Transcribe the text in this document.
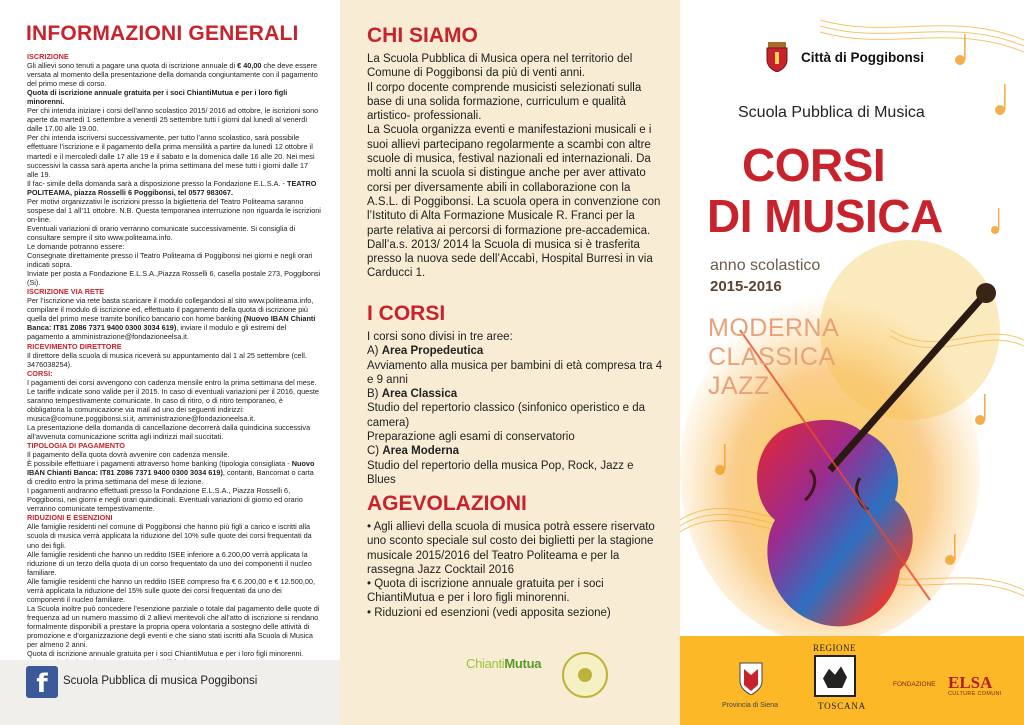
INFORMAZIONI GENERALI

ISCRIZIONE

Gli allievi sono tenuti a pagare una quota di iscrizione annuale di € 40,00 che deve essere versata al momento della presentazione della domanda congiuntamente con il pagamento del primo mese di corso.

Quota di iscrizione annuale gratuita per i soci ChiantiMutua e per i loro figli minorenni.

Per chi intenda iniziare i corsi dell’anno scolastico 2015/ 2016 ad ottobre, le iscrizioni sono aperte da martedì 1 settembre a venerdì 25 settembre tutti i giorni dal lunedì al venerdì dalle 17.00 alle 19.00.

Per chi intenda iscriversi successivamente, per tutto l’anno scolastico, sarà possibile effettuare l’iscrizione e il pagamento della prima mensilità a partire da lunedì 12 ottobre il martedì e il mercoledì dalle 17 alle 19 e il sabato e la domenica dalle 16 alle 20. Nei mesi successivi la cassa sarà aperta anche la prima settimana del mese tutti i giorni dalle 17 alle 19.

Il fac- simile della domanda sarà a disposizione presso la Fondazione E.L.S.A. - TEATRO POLITEAMA, piazza Rosselli 6 Poggibonsi, tel 0577 983067.

Per motivi organizzativi le iscrizioni presso la biglietteria del Teatro Politeama saranno sospese dal 1 all’11 ottobre. N.B. Questa temporanea interruzione non riguarda le iscrizioni on-line.

Eventuali variazioni di orario verranno comunicate successivamente. Si consiglia di consultare sempre il sito www.politeama.info.

Le domande potranno essere:

Consegnate direttamente presso il Teatro Politeama di Poggibonsi nei giorni e negli orari indicati sopra.

Inviate per posta a Fondazione E.L.S.A.,Piazza Rosselli 6, casella postale 273, Poggibonsi (Si).

ISCRIZIONE VIA RETE

Per l’iscrizione via rete basta scaricare il modulo collegandosi al sito www.politeama.info, compilare il modulo di iscrizione ed, effettuato il pagamento della quota di iscrizione più quella del primo mese tramite bonifico bancario con home banking (Nuovo IBAN Chianti Banca: IT81 Z086 7371 9400 0300 3034 619), inviare il modulo e gli estremi del pagamento a amministrazione@fondazioneelsa.it.

RICEVIMENTO DIRETTORE

Il direttore della scuola di musica riceverà su appuntamento dal 1 al 25 settembre (cell. 3476038254).

CORSI:

I pagamenti dei corsi avvengono con cadenza mensile entro la prima settimana del mese. Le tariffe indicate sono valide per il 2015. In caso di eventuali variazioni per il 2016, queste saranno tempestivamente comunicate. In caso di ritiro, o di ritiro temporaneo, è obbligatoria la comunicazione via mail ad uno dei seguenti indirizzi: musica@comune.poggibonsi.si.it, amministrazione@fondazioneelsa.it.

La presentazione della domanda di cancellazione decorrerà dalla quindicina successiva all’avvenuta comunicazione scritta agli indirizzi mail succitati.

TIPOLOGIA DI PAGAMENTO

Il pagamento della quota dovrà avvenire con cadenza mensile.

È possibile effettuare i pagamenti attraverso home banking (tipologia consigliata - Nuovo IBAN Chianti Banca: IT81 Z086 7371 9400 0300 3034 619), contanti, Bancomat o carta di credito entro la prima settimana del mese di lezione.

I pagamenti andranno effettuati presso la Fondazione E.L.S.A., Piazza Rosselli 6, Poggibonsi, nei giorni e negli orari quindicinali. Eventuali variazioni di giorno ed orario verranno comunicate tempestivamente.

RIDUZIONI E ESENZIONI

Alle famiglie residenti nel comune di Poggibonsi che hanno più figli a carico e iscritti alla scuola di musica verrà applicata la riduzione del 10% sulle quote dei corsi frequentati da uno dei figli.

Alle famiglie residenti che hanno un reddito ISEE inferiore a 6.200,00 verrà applicata la riduzione di un terzo della quota di un corso frequentato da uno dei componenti il nucleo familiare.

Alle famiglie residenti che hanno un reddito ISEE compreso fra € 6.200,00 e € 12.500,00, verrà applicata la riduzione del 15% sulle quote dei corsi frequentati da uno dei componenti il nucleo familiare.

La Scuola inoltre può concedere l’esenzione parziale o totale dal pagamento delle quote di frequenza ad un numero massimo di 2 allievi meritevoli che all’atto di iscrizione si rendano formalmente disponibili a prestare la propria opera volontaria a sostegno delle attività di promozione e d’organizzazione degli eventi e che siano stati iscritti alla Scuola di Musica per almeno 2 anni.

Quota di iscrizione annuale gratuita per i soci ChiantiMutua e per i loro figli minorenni.

f	Scuola Pubblica di musica Poggibonsi
CHI SIAMO

La Scuola Pubblica di Musica opera nel territorio del Comune di Poggibonsi da più di venti anni.

Il corpo docente comprende musicisti selezionati sulla base di una solida formazione, curriculum e qualità artistico- professionali.

La Scuola organizza eventi e manifestazioni musicali e i suoi allievi partecipano regolarmente a scambi con altre scuole di musica, festival nazionali ed internazionali. Da molti anni la scuola si distingue anche per aver attivato corsi per diversamente abili in collaborazione con la A.S.L. di Poggibonsi. La scuola opera in convenzione con l’Istituto di Alta Formazione Musicale R. Franci per la parte relativa ai percorsi di formazione pre-accademica.

Dall’a.s. 2013/ 2014 la Scuola di musica si è trasferita presso la nuova sede dell’Accabì, Hospital Burresi in via Carducci 1.

I CORSI

I corsi sono divisi in tre aree:

A) Area Propedeutica

Avviamento alla musica per bambini di età compresa tra 4 e 9 anni

B) Area Classica

Studio del repertorio classico (sinfonico operistico e da camera)
Preparazione agli esami di conservatorio

C) Area Moderna

Studio del repertorio della musica Pop, Rock, Jazz e Blues

AGEVOLAZIONI

• Agli allievi della scuola di musica potrà essere riservato uno sconto speciale sul costo dei biglietti per la stagione musicale 2015/2016 del Teatro Politeama e per la rassegna Jazz Cocktail 2016

• Quota di iscrizione annuale gratuita per i soci ChiantiMutua e per i loro figli minorenni.

• Riduzioni ed esenzioni (vedi apposita sezione)

ChiantiMutua
Città di Poggibonsi
Scuola Pubblica di Musica
CORSI
DI MUSICA
anno scolastico
2015-2016
MODERNA
CLASSICA
JAZZ
Provincia di Siena
REGIONE
TOSCANA
FONDAZIONE ELSA
CULTURE COMUNI
